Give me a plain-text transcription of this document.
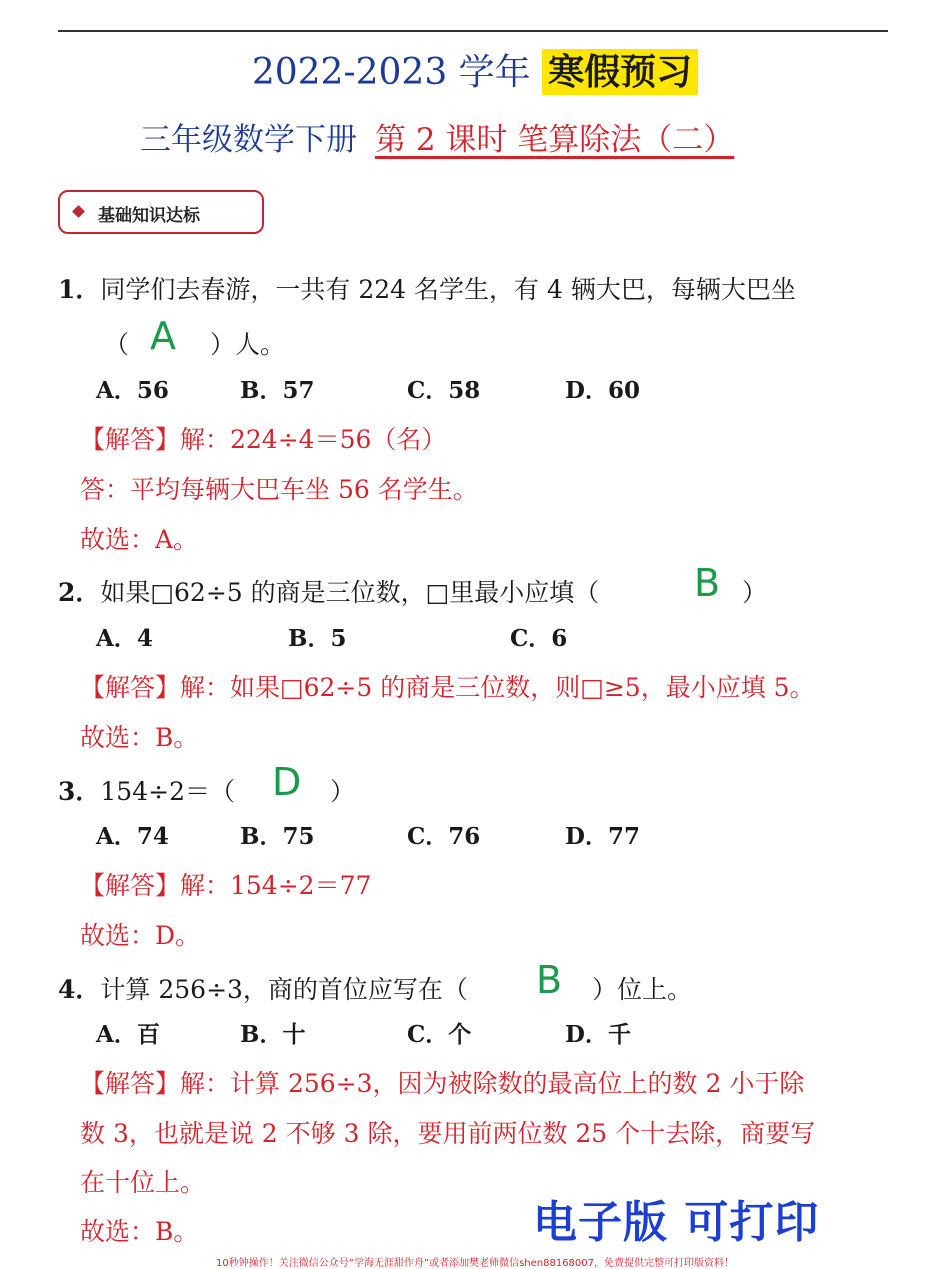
2022-2023 学年 寒假预习
三年级数学下册 第 2 课时 笔算除法（二）
基础知识达标
1．同学们去春游，一共有 224 名学生，有 4 辆大巴，每辆大巴坐
（ A ）人。
A．56	B．57	C．58	D．60
【解答】解：224÷4＝56（名）
答：平均每辆大巴车坐 56 名学生。
故选：A。
2．如果□62÷5 的商是三位数，□里最小应填（ B ）
A．4	B．5	C．6
【解答】解：如果□62÷5 的商是三位数，则□≥5，最小应填 5。
故选：B。
3．154÷2＝（ D ）
A．74	B．75	C．76	D．77
【解答】解：154÷2＝77
故选：D。
4．计算 256÷3，商的首位应写在（ B ）位上。
A．百	B．十	C．个	D．千
【解答】解：计算 256÷3，因为被除数的最高位上的数 2 小于除
数 3，也就是说 2 不够 3 除，要用前两位数 25 个十去除，商要写
在十位上。
故选：B。	电子版 可打印
10秒钟操作！关注微信公众号“学海无涯甜作舟”或者添加樊老师微信shen88168007，免费提供完整可打印版资料！
